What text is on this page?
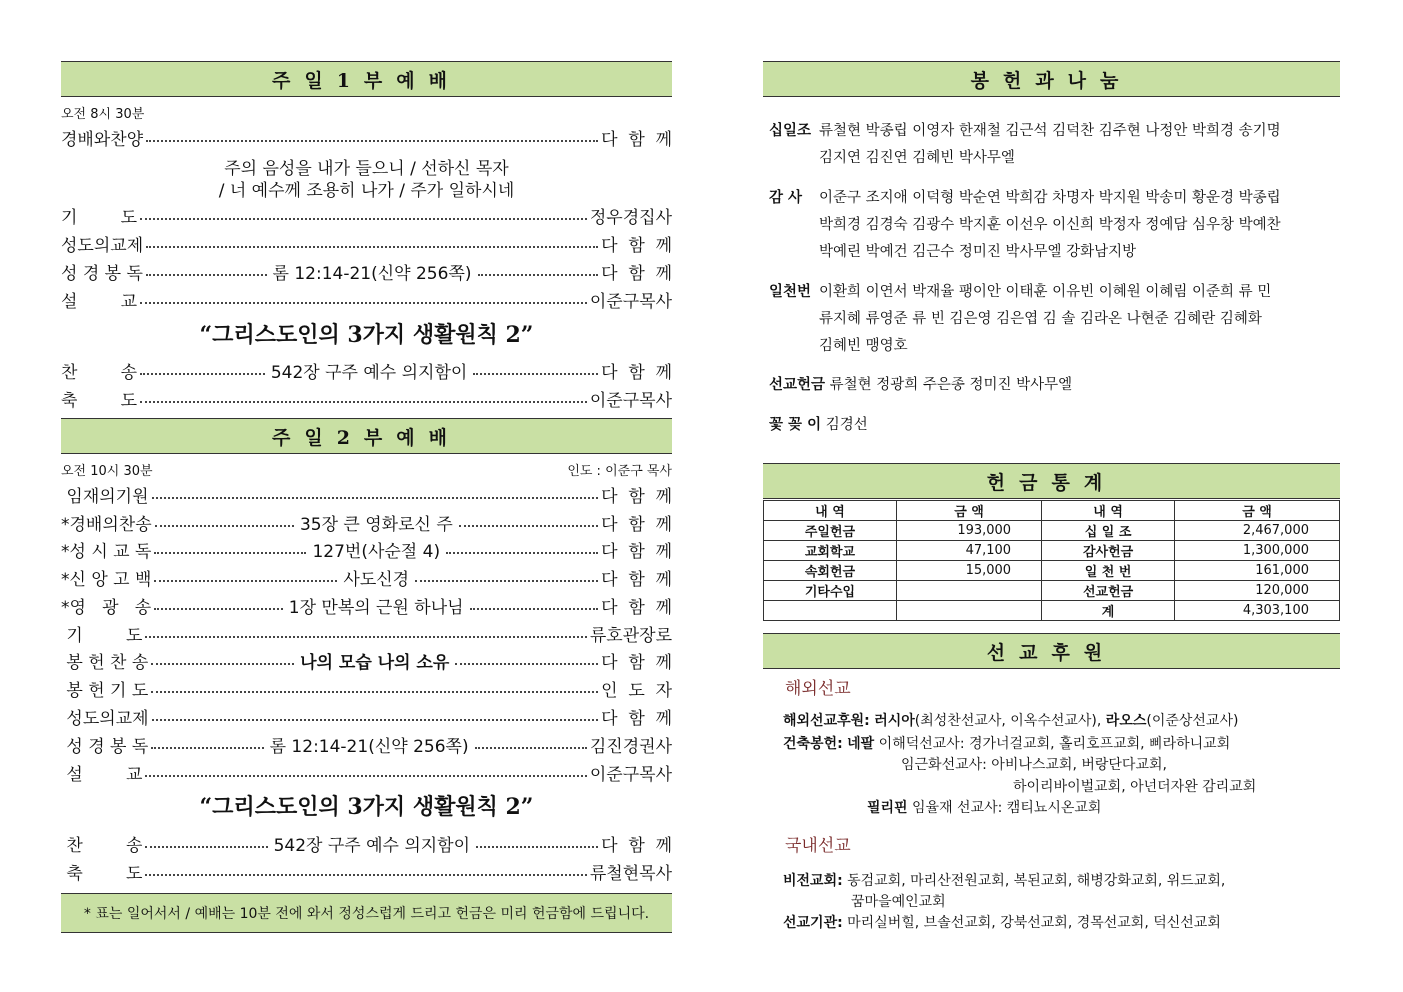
주일1부예배
오전 8시 30분
경배와찬양	다  함  께
주의 음성을 내가 들으니 / 선하신 목자
/ 너 예수께 조용히 나가 / 주가 일하시네
기        도	정우경집사
성도의교제	다  함  께
성 경 봉 독	롬 12:14-21(신약 256쪽)	다  함  께
설        교	이준구목사
“그리스도인의 3가지 생활원칙 2”
찬        송	542장 구주 예수 의지함이	다  함  께
축        도	이준구목사
주일2부예배
오전 10시 30분	인도 : 이준구 목사
임재의기원	다  함  께
*경배의찬송	35장 큰 영화로신 주	다  함  께
*성 시 교 독	127번(사순절 4)	다  함  께
*신 앙 고 백	사도신경	다  함  께
*영   광   송	1장 만복의 근원 하나님	다  함  께
기        도	류호관장로
봉 헌 찬 송	나의 모습 나의 소유	다  함  께
봉 헌 기 도	인  도  자
성도의교제	다  함  께
성 경 봉 독	롬 12:14-21(신약 256쪽)	김진경권사
설        교	이준구목사
“그리스도인의 3가지 생활원칙 2”
찬        송	542장 구주 예수 의지함이	다  함  께
축        도	류철현목사
* 표는 일어서서 / 예배는 10분 전에 와서 정성스럽게 드리고 헌금은 미리 헌금함에 드립니다.
봉헌과나눔
십일조 류철현 박종립 이영자 한재철 김근석 김덕찬 김주현 나정안 박희경 송기명
김지연 김진연 김혜빈 박사무엘
감 사 이준구 조지애 이덕형 박순연 박희감 차명자 박지원 박송미 황운경 박종립
박희경 김경숙 김광수 박지훈 이선우 이신희 박정자 정예담 심우창 박예찬
박예린 박예건 김근수 정미진 박사무엘 강화남지방
일천번 이환희 이연서 박재율 팽이안 이태훈 이유빈 이혜원 이혜림 이준희 류 민
류지혜 류영준 류 빈 김은영 김은엽 김 솔 김라온 나현준 김혜란 김혜화
김혜빈 맹영호
선교헌금 류철현 정광희 주은종 정미진 박사무엘
꽃 꽂 이 김경선
헌금통계
내 역	금 액	내 역	금 액
주일헌금	193,000	십 일 조	2,467,000
교회학교	47,100	감사헌금	1,300,000
속회헌금	15,000	일 천 번	161,000
기타수입		선교헌금	120,000
		계	4,303,100
선교후원
해외선교
해외선교후원: 러시아(최성찬선교사, 이옥수선교사), 라오스(이준상선교사)
건축봉헌: 네팔 이해덕선교사: 경가너걸교회, 홀리호프교회, 삐라하니교회
임근화선교사: 아비나스교회, 버랑단다교회,
하이리바이벌교회, 아넌더자완 감리교회
필리핀 임율재 선교사: 캠티뇨시온교회
국내선교
비전교회: 동검교회, 마리산전원교회, 복된교회, 해병강화교회, 위드교회,
꿈마을예인교회
선교기관: 마리실버힐, 브솔선교회, 강북선교회, 경목선교회, 덕신선교회
